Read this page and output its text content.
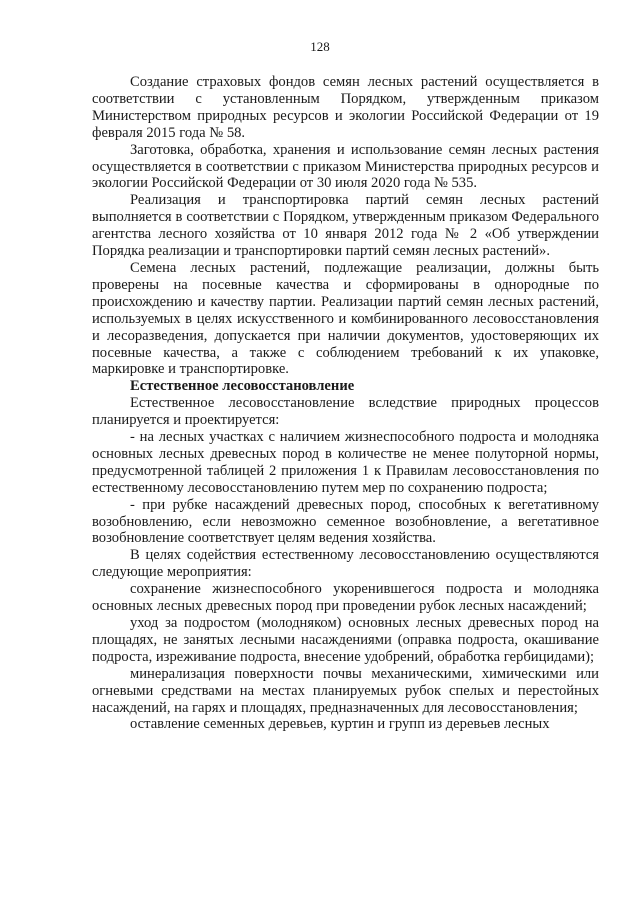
128

Создание страховых фондов семян лесных растений осуществляется в соответствии с установленным Порядком, утвержденным приказом Министерством природных ресурсов и экологии Российской Федерации от 19 февраля 2015 года № 58.

Заготовка, обработка, хранения и использование семян лесных растения осуществляется в соответствии с приказом Министерства природных ресурсов и экологии Российской Федерации от 30 июля 2020 года № 535.

Реализация и транспортировка партий семян лесных растений выполняется в соответствии с Порядком, утвержденным приказом Федерального агентства лесного хозяйства от 10 января 2012 года № 2 «Об утверждении Порядка реализации и транспортировки партий семян лесных растений».

Семена лесных растений, подлежащие реализации, должны быть проверены на посевные качества и сформированы в однородные по происхождению и качеству партии. Реализации партий семян лесных растений, используемых в целях искусственного и комбинированного лесовосстановления и лесоразведения, допускается при наличии документов, удостоверяющих их посевные качества, а также с соблюдением требований к их упаковке, маркировке и транспортировке.

Естественное лесовосстановление

Естественное лесовосстановление вследствие природных процессов планируется и проектируется:

- на лесных участках с наличием жизнеспособного подроста и молодняка основных лесных древесных пород в количестве не менее полуторной нормы, предусмотренной таблицей 2 приложения 1 к Правилам лесовосстановления по естественному лесовосстановлению путем мер по сохранению подроста;

- при рубке насаждений древесных пород, способных к вегетативному возобновлению, если невозможно семенное возобновление, а вегетативное возобновление соответствует целям ведения хозяйства.

В целях содействия естественному лесовосстановлению осуществляются следующие мероприятия:

сохранение жизнеспособного укоренившегося подроста и молодняка основных лесных древесных пород при проведении рубок лесных насаждений;

уход за подростом (молодняком) основных лесных древесных пород на площадях, не занятых лесными насаждениями (оправка подроста, окашивание подроста, изреживание подроста, внесение удобрений, обработка гербицидами);

минерализация поверхности почвы механическими, химическими или огневыми средствами на местах планируемых рубок спелых и перестойных насаждений, на гарях и площадях, предназначенных для лесовосстановления;

оставление семенных деревьев, куртин и групп из деревьев лесных
